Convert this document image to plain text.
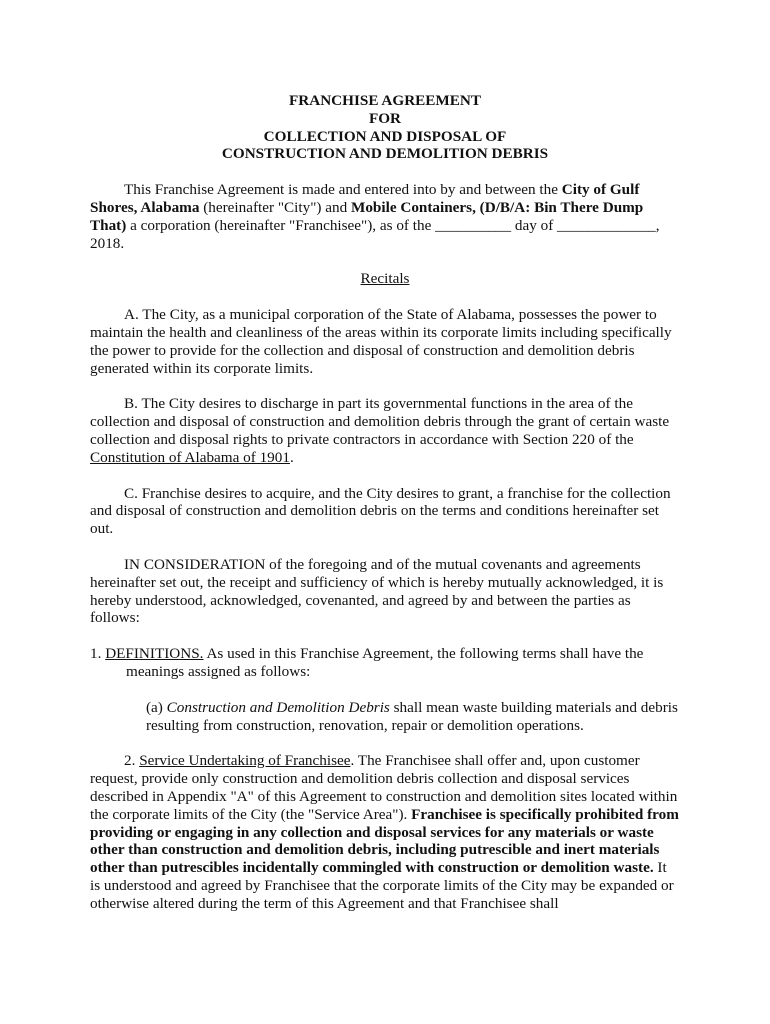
FRANCHISE AGREEMENT
FOR
COLLECTION AND DISPOSAL OF
CONSTRUCTION AND DEMOLITION DEBRIS

This Franchise Agreement is made and entered into by and between the City of Gulf Shores, Alabama (hereinafter "City") and Mobile Containers, (D/B/A: Bin There Dump That) a corporation (hereinafter "Franchisee"), as of the __________ day of _____________, 2018.

Recitals

A. The City, as a municipal corporation of the State of Alabama, possesses the power to maintain the health and cleanliness of the areas within its corporate limits including specifically the power to provide for the collection and disposal of construction and demolition debris generated within its corporate limits.

B. The City desires to discharge in part its governmental functions in the area of the collection and disposal of construction and demolition debris through the grant of certain waste collection and disposal rights to private contractors in accordance with Section 220 of the Constitution of Alabama of 1901.

C. Franchise desires to acquire, and the City desires to grant, a franchise for the collection and disposal of construction and demolition debris on the terms and conditions hereinafter set out.

IN CONSIDERATION of the foregoing and of the mutual covenants and agreements hereinafter set out, the receipt and sufficiency of which is hereby mutually acknowledged, it is hereby understood, acknowledged, covenanted, and agreed by and between the parties as follows:

1. DEFINITIONS. As used in this Franchise Agreement, the following terms shall have the meanings assigned as follows:

(a) Construction and Demolition Debris shall mean waste building materials and debris resulting from construction, renovation, repair or demolition operations.

2. Service Undertaking of Franchisee. The Franchisee shall offer and, upon customer request, provide only construction and demolition debris collection and disposal services described in Appendix "A" of this Agreement to construction and demolition sites located within the corporate limits of the City (the "Service Area"). Franchisee is specifically prohibited from providing or engaging in any collection and disposal services for any materials or waste other than construction and demolition debris, including putrescible and inert materials other than putrescibles incidentally commingled with construction or demolition waste. It is understood and agreed by Franchisee that the corporate limits of the City may be expanded or otherwise altered during the term of this Agreement and that Franchisee shall
